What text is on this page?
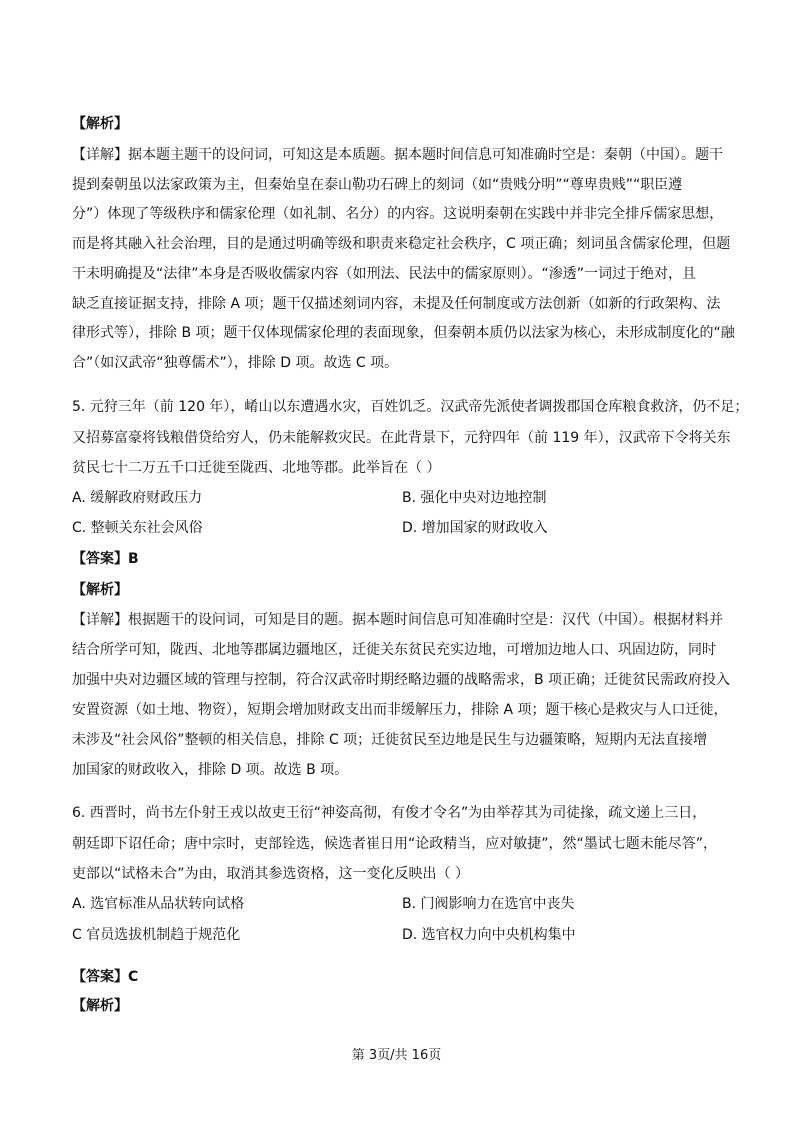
【解析】
【详解】据本题主题干的设问词，可知这是本质题。据本题时间信息可知准确时空是：秦朝（中国）。题干
提到秦朝虽以法家政策为主，但秦始皇在泰山勒功石碑上的刻词（如“贵贱分明”“尊卑贵贱”“职臣遵
分”）体现了等级秩序和儒家伦理（如礼制、名分）的内容。这说明秦朝在实践中并非完全排斥儒家思想，
而是将其融入社会治理，目的是通过明确等级和职责来稳定社会秩序，C 项正确；刻词虽含儒家伦理，但题
干未明确提及“法律”本身是否吸收儒家内容（如刑法、民法中的儒家原则）。“渗透”一词过于绝对，且
缺乏直接证据支持，排除 A 项；题干仅描述刻词内容，未提及任何制度或方法创新（如新的行政架构、法
律形式等），排除 B 项；题干仅体现儒家伦理的表面现象，但秦朝本质仍以法家为核心，未形成制度化的“融
合”（如汉武帝“独尊儒术”），排除 D 项。故选 C 项。
5. 元狩三年（前 120 年），崤山以东遭遇水灾，百姓饥乏。汉武帝先派使者调拨郡国仓库粮食救济，仍不足；
又招募富豪将钱粮借贷给穷人，仍未能解救灾民。在此背景下，元狩四年（前 119 年），汉武帝下令将关东
贫民七十二万五千口迁徙至陇西、北地等郡。此举旨在（ ）
A. 缓解政府财政压力	B. 强化中央对边地控制
C. 整顿关东社会风俗	D. 增加国家的财政收入
【答案】B
【解析】
【详解】根据题干的设问词，可知是目的题。据本题时间信息可知准确时空是：汉代（中国）。根据材料并
结合所学可知，陇西、北地等郡属边疆地区，迁徙关东贫民充实边地，可增加边地人口、巩固边防，同时
加强中央对边疆区域的管理与控制，符合汉武帝时期经略边疆的战略需求，B 项正确；迁徙贫民需政府投入
安置资源（如土地、物资），短期会增加财政支出而非缓解压力，排除 A 项；题干核心是救灾与人口迁徙，
未涉及“社会风俗”整顿的相关信息，排除 C 项；迁徙贫民至边地是民生与边疆策略，短期内无法直接增
加国家的财政收入，排除 D 项。故选 B 项。
6. 西晋时，尚书左仆射王戎以故吏王衍“神姿高彻，有俊才令名”为由举荐其为司徒掾，疏文递上三日，
朝廷即下诏任命；唐中宗时，吏部铨选，候选者崔日用“论政精当，应对敏捷”，然“墨试七题未能尽答”，
吏部以“试格未合”为由，取消其参选资格，这一变化反映出（ ）
A. 选官标准从品状转向试格	B. 门阀影响力在选官中丧失
C 官员选拔机制趋于规范化	D. 选官权力向中央机构集中
【答案】C
【解析】
第 3页/共 16页
